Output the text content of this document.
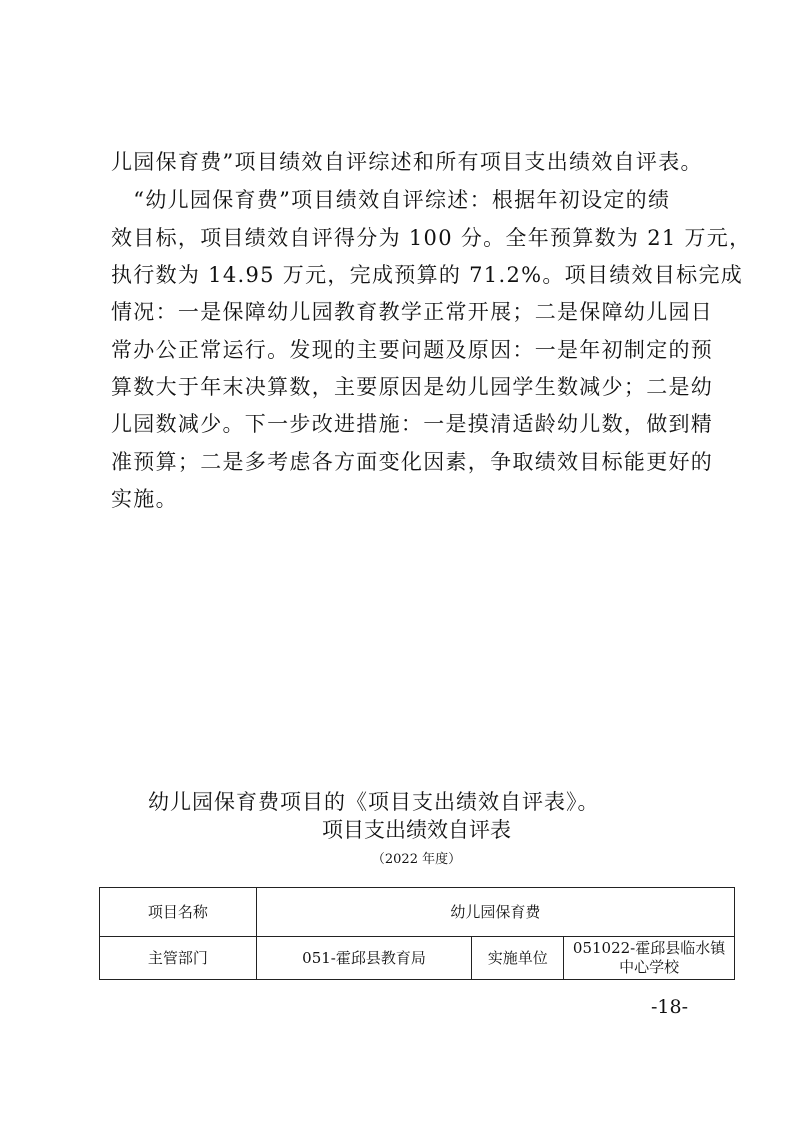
儿园保育费”项目绩效自评综述和所有项目支出绩效自评表。
　“幼儿园保育费”项目绩效自评综述：根据年初设定的绩
效目标，项目绩效自评得分为 100 分。全年预算数为 21 万元，
执行数为 14.95 万元，完成预算的 71.2%。项目绩效目标完成
情况：一是保障幼儿园教育教学正常开展；二是保障幼儿园日
常办公正常运行。发现的主要问题及原因：一是年初制定的预
算数大于年末决算数，主要原因是幼儿园学生数减少；二是幼
儿园数减少。下一步改进措施：一是摸清适龄幼儿数，做到精
准预算；二是多考虑各方面变化因素，争取绩效目标能更好的
实施。
幼儿园保育费项目的《项目支出绩效自评表》。
项目支出绩效自评表
（2022 年度）
项目名称	幼儿园保育费		
主管部门	051-霍邱县教育局	实施单位	051022-霍邱县临水镇
中心学校
-18-
